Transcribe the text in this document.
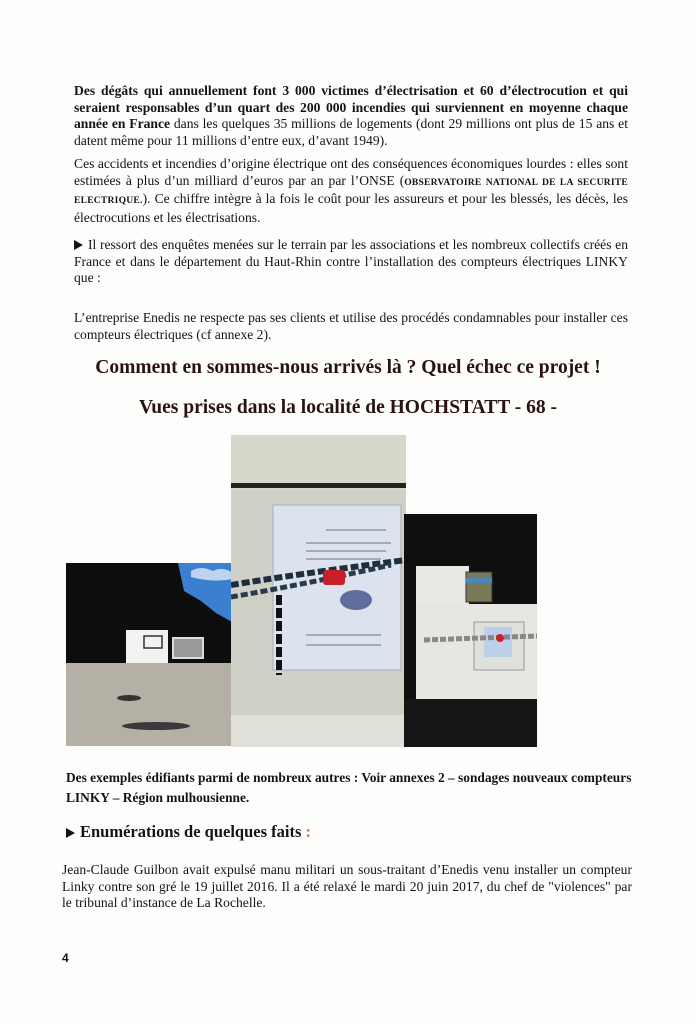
Des dégâts qui annuellement font 3 000 victimes d’électrisation et 60 d’électrocution et qui seraient responsables d’un quart des 200 000 incendies qui surviennent en moyenne chaque année en France dans les quelques 35 millions de logements (dont 29 millions ont plus de 15 ans et datent même pour 11 millions d’entre eux, d’avant 1949).

Ces accidents et incendies d’origine électrique ont des conséquences économiques lourdes : elles sont estimées à plus d’un milliard d’euros par an par l’ONSE (OBSERVATOIRE NATIONAL DE LA SECURITE ELECTRIQUE.). Ce chiffre intègre à la fois le coût pour les assureurs et pour les blessés, les décès, les électrocutions et les électrisations.

Il ressort des enquêtes menées sur le terrain par les associations et les nombreux collectifs créés en France et dans le département du Haut-Rhin contre l’installation des compteurs électriques LINKY que :

L’entreprise Enedis ne respecte pas ses clients et utilise des procédés condamnables pour installer ces compteurs électriques (cf annexe 2).

Comment en sommes-nous arrivés là ? Quel échec ce projet !

Vues prises dans la localité de HOCHSTATT - 68 -

Des exemples édifiants parmi de nombreux autres : Voir annexes 2 – sondages nouveaux compteurs LINKY – Région mulhousienne.

Enumérations de quelques faits :

Jean-Claude Guilbon avait expulsé manu militari un sous-traitant d’Enedis venu installer un compteur Linky contre son gré le 19 juillet 2016. Il a été relaxé le mardi 20 juin 2017, du chef de "violences" par le tribunal d’instance de La Rochelle.

4
